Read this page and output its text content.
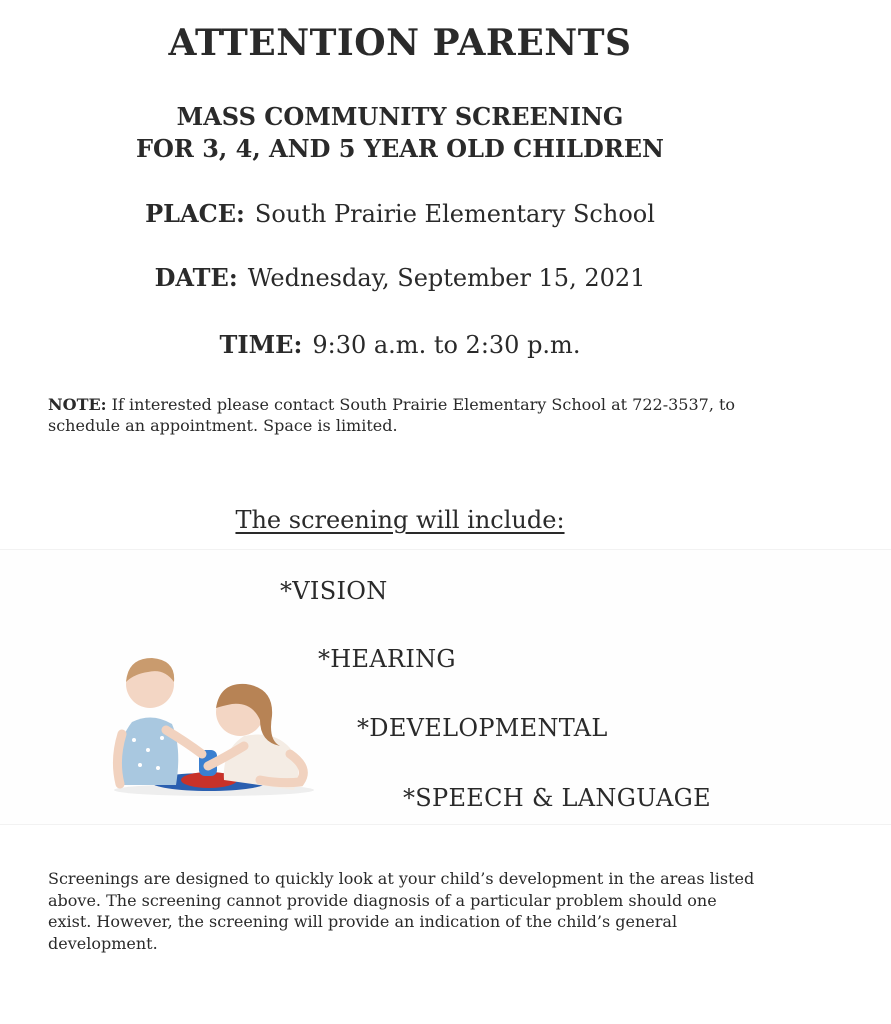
ATTENTION PARENTS
MASS COMMUNITY SCREENING
FOR 3, 4, AND 5 YEAR OLD CHILDREN
PLACE: South Prairie Elementary School
DATE: Wednesday, September 15, 2021
TIME: 9:30 a.m. to 2:30 p.m.
NOTE: If interested please contact South Prairie Elementary School at 722-3537, to schedule an appointment. Space is limited.
The screening will include:
*VISION
*HEARING
*DEVELOPMENTAL
*SPEECH & LANGUAGE
Screenings are designed to quickly look at your child’s development in the areas listed above. The screening cannot provide diagnosis of a particular problem should one exist. However, the screening will provide an indication of the child’s general development.
